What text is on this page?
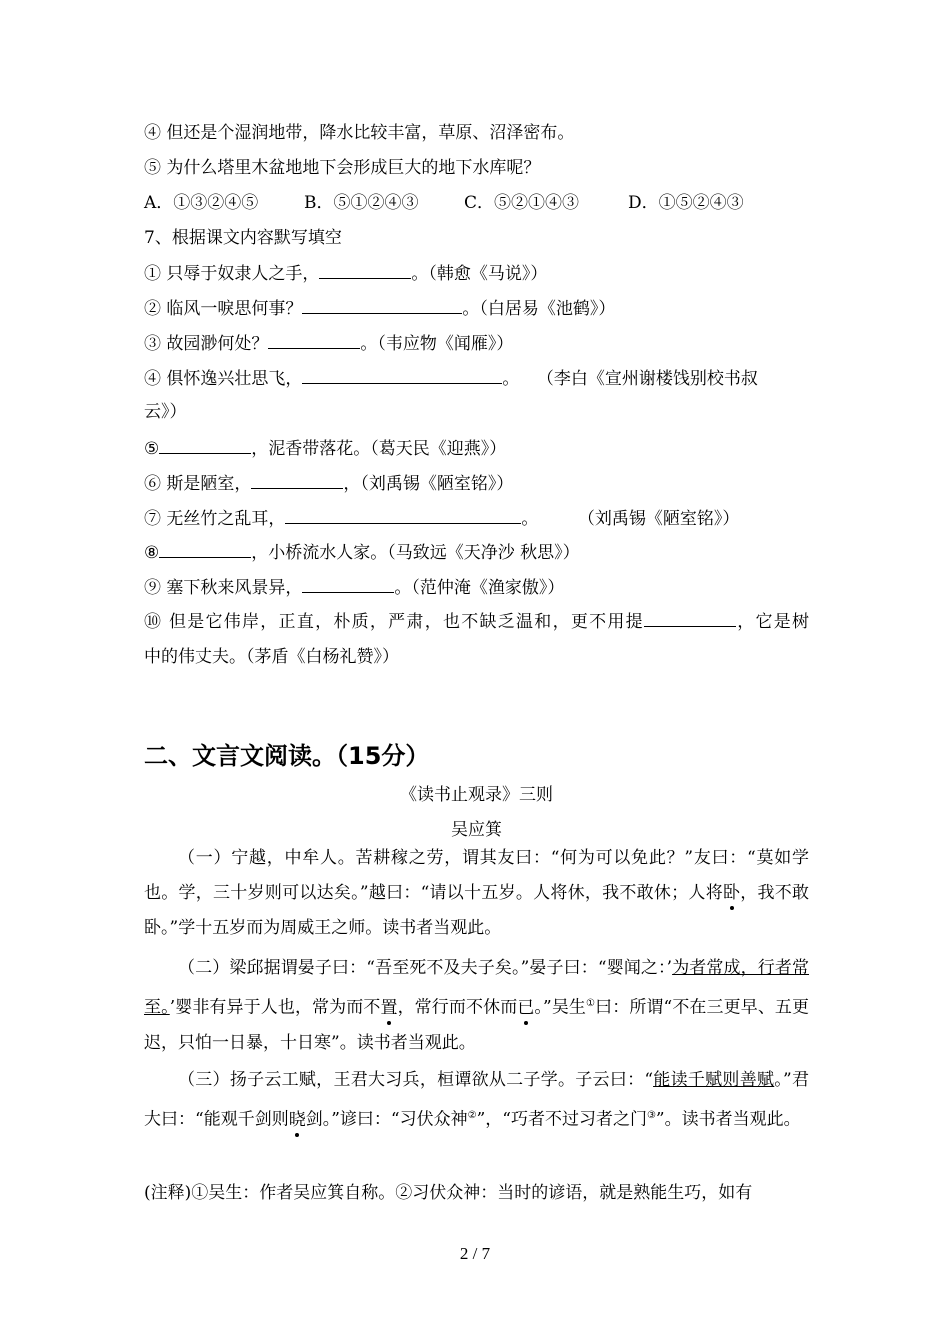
④ 但还是个湿润地带，降水比较丰富，草原、沼泽密布。
⑤ 为什么塔里木盆地地下会形成巨大的地下水库呢？
A．①③②④⑤	B．⑤①②④③	C．⑤②①④③	D．①⑤②④③
7、根据课文内容默写填空
① 只辱于奴隶人之手，	。（韩愈《马说》）
② 临风一唳思何事？	。（白居易《池鹤》）
③ 故园渺何处？	。（韦应物《闻雁》）
④ 俱怀逸兴壮思飞，	。 （李白《宣州谢楼饯别校书叔
云》）
⑤	，泥香带落花。（葛天民《迎燕》）
⑥ 斯是陋室，	，（刘禹锡《陋室铭》）
⑦ 无丝竹之乱耳，	。	（刘禹锡《陋室铭》）
⑧	，小桥流水人家。（马致远《天净沙 秋思》）
⑨ 塞下秋来风景异，	。（范仲淹《渔家傲》）
⑩ 但是它伟岸，正直，朴质，严肃，也不缺乏温和，更不用提	，它是树
中的伟丈夫。（茅盾《白杨礼赞》）
二、文言文阅读。（15分）
《读书止观录》三则
吴应箕
（一）宁越，中牟人。苦耕稼之劳，谓其友曰：“何为可以免此？”友曰：“莫如学也。学，三十岁则可以达矣。”越曰：“请以十五岁。人将休，我不敢休；人将卧，我不敢卧。”学十五岁而为周威王之师。读书者当观此。
（二）梁邱据谓晏子曰：“吾至死不及夫子矣。”晏子曰：“婴闻之：’为者常成，行者常至。’婴非有异于人也，常为而不置，常行而不休而已。”吴生①曰：所谓“不在三更早、五更迟，只怕一日暴，十日寒”。读书者当观此。
（三）扬子云工赋，王君大习兵，桓谭欲从二子学。子云曰：“能读千赋则善赋。”君大曰：“能观千剑则晓剑。”谚曰：“习伏众神②”，“巧者不过习者之门③”。读书者当观此。
(注释)①吴生：作者吴应箕自称。②习伏众神：当时的谚语，就是熟能生巧，如有
2 / 7
